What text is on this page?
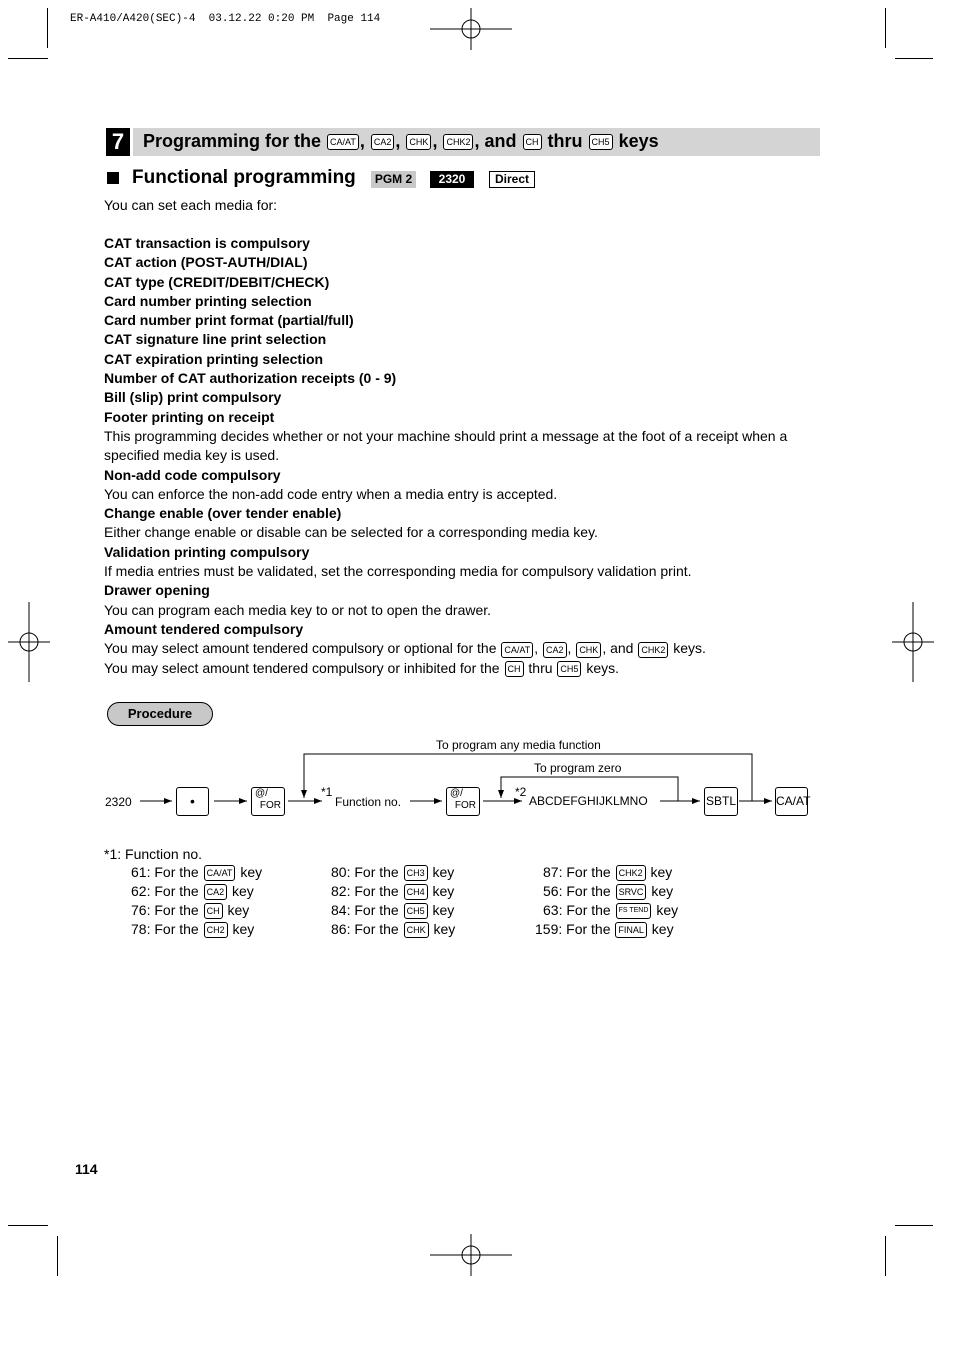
ER-A410/A420(SEC)-4  03.12.22 0:20 PM  Page 114
7	Programming for the CA/AT , CA2 , CHK , CHK2 , and CH thru CH5 keys
Functional programming	PGM 2	2320	Direct
You can set each media for:
CAT transaction is compulsory
CAT action (POST-AUTH/DIAL)
CAT type (CREDIT/DEBIT/CHECK)
Card number printing selection
Card number print format (partial/full)
CAT signature line print selection
CAT expiration printing selection
Number of CAT authorization receipts (0 - 9)
Bill (slip) print compulsory
Footer printing on receipt
This programming decides whether or not your machine should print a message at the foot of a receipt when a specified media key is used.
Non-add code compulsory
You can enforce the non-add code entry when a media entry is accepted.
Change enable (over tender enable)
Either change enable or disable can be selected for a corresponding media key.
Validation printing compulsory
If media entries must be validated, set the corresponding media for compulsory validation print.
Drawer opening
You can program each media key to or not to open the drawer.
Amount tendered compulsory
You may select amount tendered compulsory or optional for the CA/AT , CA2 , CHK , and CHK2 keys.
You may select amount tendered compulsory or inhibited for the CH thru CH5 keys.
Procedure
To program any media function
To program zero
2320	•	@/
FOR
*1
Function no.
@/
FOR
*2
ABCDEFGHIJKLMNO	SBTL	CA/AT
*1: Function no.
61: For the CA/AT key	80: For the CH3 key	87: For the CHK2 key
62: For the CA2 key	82: For the CH4 key	56: For the SRVC key
76: For the CH key	84: For the CH5 key	63: For the FS TEND key
78: For the CH2 key	86: For the CHK key	159: For the FINAL key
114
